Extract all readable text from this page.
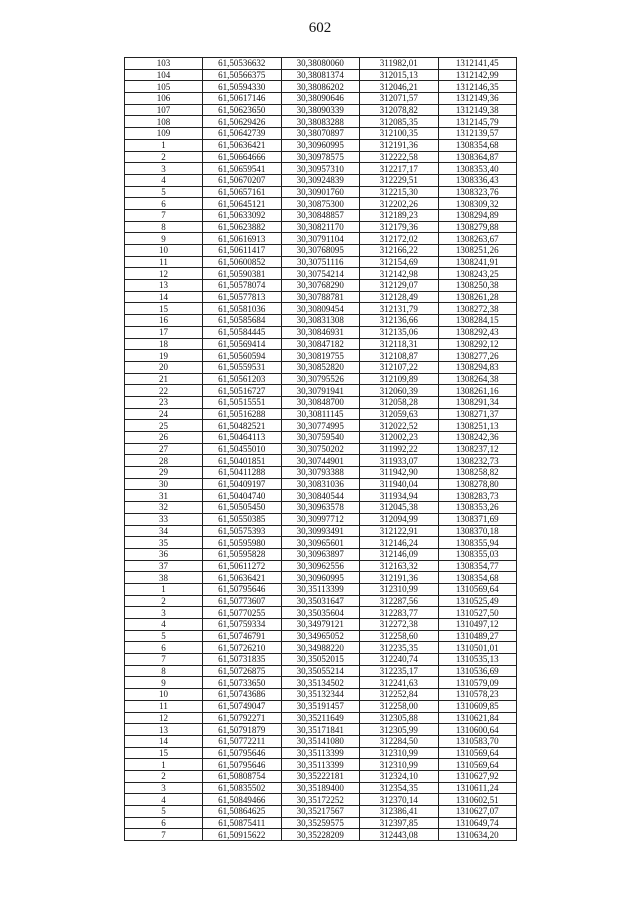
602
103	61,50536632	30,38080060	311982,01	1312141,45
104	61,50566375	30,38081374	312015,13	1312142,99
105	61,50594330	30,38086202	312046,21	1312146,35
106	61,50617146	30,38090646	312071,57	1312149,36
107	61,50623650	30,38090339	312078,82	1312149,38
108	61,50629426	30,38083288	312085,35	1312145,79
109	61,50642739	30,38070897	312100,35	1312139,57
1	61,50636421	30,30960995	312191,36	1308354,68
2	61,50664666	30,30978575	312222,58	1308364,87
3	61,50659541	30,30957310	312217,17	1308353,40
4	61,50670207	30,30924839	312229,51	1308336,43
5	61,50657161	30,30901760	312215,30	1308323,76
6	61,50645121	30,30875300	312202,26	1308309,32
7	61,50633092	30,30848857	312189,23	1308294,89
8	61,50623882	30,30821170	312179,36	1308279,88
9	61,50616913	30,30791104	312172,02	1308263,67
10	61,50611417	30,30768095	312166,22	1308251,26
11	61,50600852	30,30751116	312154,69	1308241,91
12	61,50590381	30,30754214	312142,98	1308243,25
13	61,50578074	30,30768290	312129,07	1308250,38
14	61,50577813	30,30788781	312128,49	1308261,28
15	61,50581036	30,30809454	312131,79	1308272,38
16	61,50585684	30,30831308	312136,66	1308284,15
17	61,50584445	30,30846931	312135,06	1308292,43
18	61,50569414	30,30847182	312118,31	1308292,12
19	61,50560594	30,30819755	312108,87	1308277,26
20	61,50559531	30,30852820	312107,22	1308294,83
21	61,50561203	30,30795526	312109,89	1308264,38
22	61,50516727	30,30791941	312060,39	1308261,16
23	61,50515551	30,30848700	312058,28	1308291,34
24	61,50516288	30,30811145	312059,63	1308271,37
25	61,50482521	30,30774995	312022,52	1308251,13
26	61,50464113	30,30759540	312002,23	1308242,36
27	61,50455010	30,30750202	311992,22	1308237,12
28	61,50401851	30,30744901	311933,07	1308232,73
29	61,50411288	30,30793388	311942,90	1308258,82
30	61,50409197	30,30831036	311940,04	1308278,80
31	61,50404740	30,30840544	311934,94	1308283,73
32	61,50505450	30,30963578	312045,38	1308353,26
33	61,50550385	30,30997712	312094,99	1308371,69
34	61,50575393	30,30993491	312122,91	1308370,18
35	61,50595980	30,30965601	312146,24	1308355,94
36	61,50595828	30,30963897	312146,09	1308355,03
37	61,50611272	30,30962556	312163,32	1308354,77
38	61,50636421	30,30960995	312191,36	1308354,68
1	61,50795646	30,35113399	312310,99	1310569,64
2	61,50773607	30,35031647	312287,56	1310525,49
3	61,50770255	30,35035604	312283,77	1310527,50
4	61,50759334	30,34979121	312272,38	1310497,12
5	61,50746791	30,34965052	312258,60	1310489,27
6	61,50726210	30,34988220	312235,35	1310501,01
7	61,50731835	30,35052015	312240,74	1310535,13
8	61,50726875	30,35055214	312235,17	1310536,69
9	61,50733650	30,35134502	312241,63	1310579,09
10	61,50743686	30,35132344	312252,84	1310578,23
11	61,50749047	30,35191457	312258,00	1310609,85
12	61,50792271	30,35211649	312305,88	1310621,84
13	61,50791879	30,35171841	312305,99	1310600,64
14	61,50772211	30,35141080	312284,50	1310583,70
15	61,50795646	30,35113399	312310,99	1310569,64
1	61,50795646	30,35113399	312310,99	1310569,64
2	61,50808754	30,35222181	312324,10	1310627,92
3	61,50835502	30,35189400	312354,35	1310611,24
4	61,50849466	30,35172252	312370,14	1310602,51
5	61,50864625	30,35217567	312386,41	1310627,07
6	61,50875411	30,35259575	312397,85	1310649,74
7	61,50915622	30,35228209	312443,08	1310634,20
